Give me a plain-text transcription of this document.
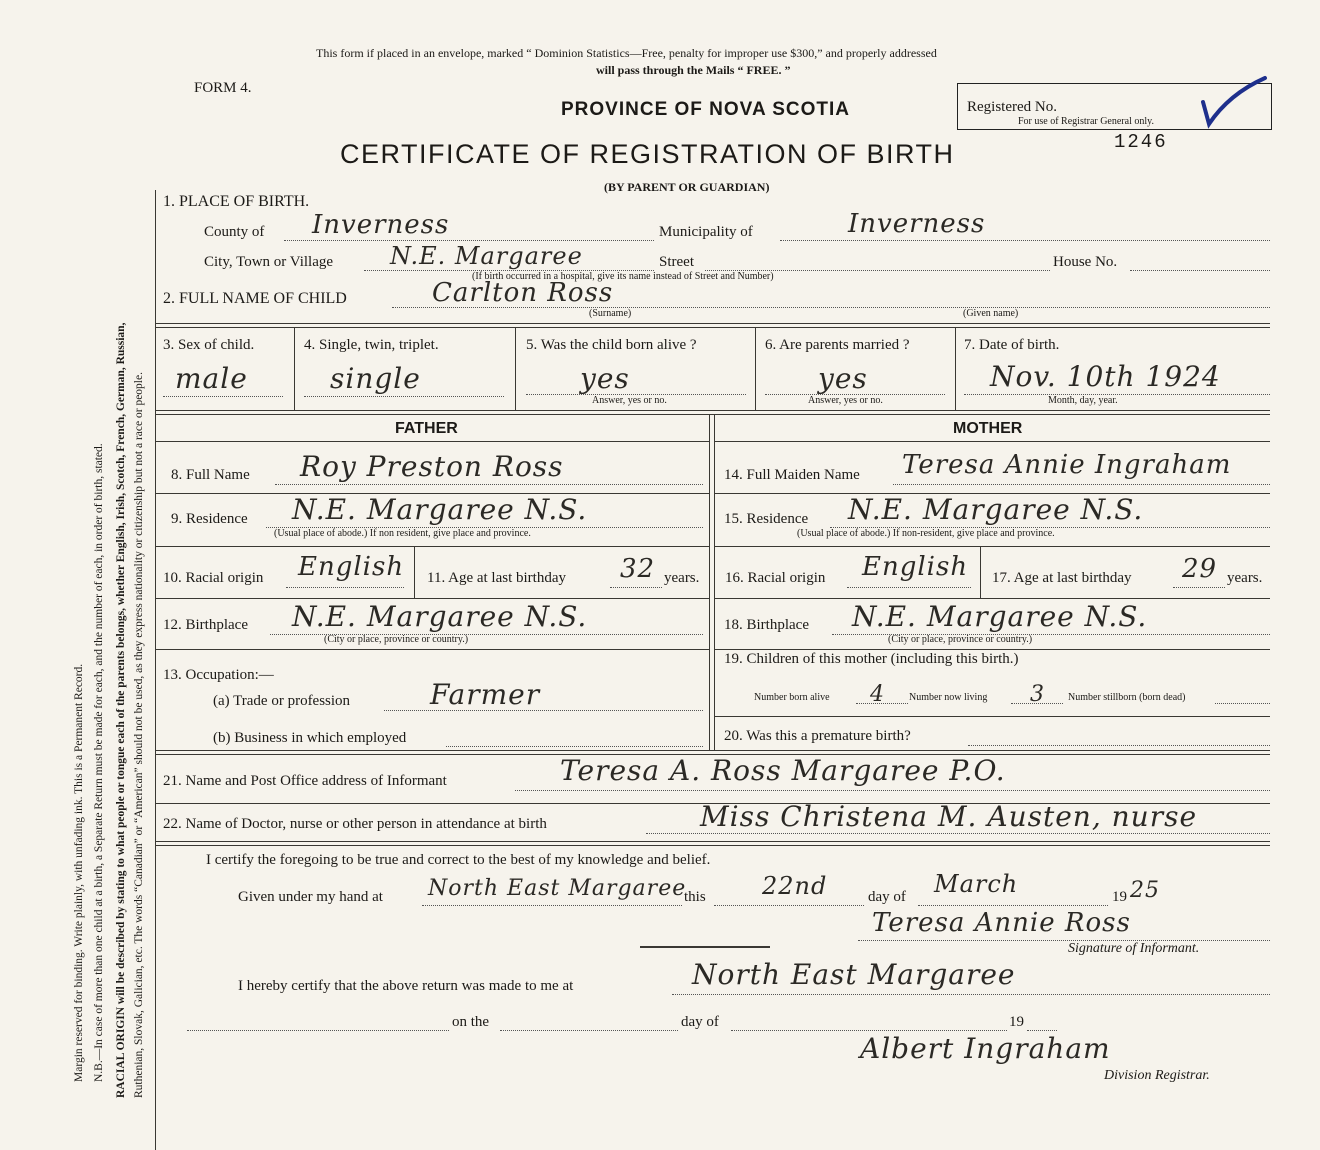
Margin reserved for binding. Write plainly, with unfading ink. This is a Permanent Record. N.B.—In case of more than one child at a birth, a Separate Return must be made for each, and the number of each, in order of birth, stated. RACIAL ORIGIN will be described by stating to what people or tongue each of the parents belongs, whether English, Irish, Scotch, French, German, Russian, Ruthenian, Slovak, Galician, etc. The words “Canadian” or “American” should not be used, as they express nationality or citizenship but not a race or people.
This form if placed in an envelope, marked “ Dominion Statistics—Free, penalty for improper use $300,” and properly addressed
will pass through the Mails “ FREE. ”
FORM 4.
PROVINCE OF NOVA SCOTIA
CERTIFICATE OF REGISTRATION OF BIRTH
(BY PARENT OR GUARDIAN)
Registered No.
For use of Registrar General only.
1246
1. PLACE OF BIRTH.
County of Inverness	Municipality of	Inverness
City, Town or Village N.E. Margaree	Street	House No.
(If birth occurred in a hospital, give its name instead of Street and Number)
2. FULL NAME OF CHILD	Carlton Ross
(Surname)	(Given name)
3. Sex of child.
male
4. Single, twin, triplet.
single
5. Was the child born alive ?
yes
Answer, yes or no.
6. Are parents married ?
yes
Answer, yes or no.
7. Date of birth.
Nov. 10th 1924
Month, day, year.
FATHER	MOTHER
8. Full Name Roy Preston Ross	14. Full Maiden Name Teresa Annie Ingraham
9. Residence N.E. Margaree N.S.
(Usual place of abode.) If non resident, give place and province.
15. Residence N.E. Margaree N.S.
(Usual place of abode.) If non-resident, give place and province.
10. Racial origin English 11. Age at last birthday 32 years. 16. Racial origin English 17. Age at last birthday 29 years.
12. Birthplace N.E. Margaree N.S.
(City or place, province or country.)
18. Birthplace N.E. Margaree N.S.
(City or place, province or country.)
13. Occupation:—
(a) Trade or profession	Farmer
(b) Business in which employed
19. Children of this mother (including this birth.)
Number born alive 4 Number now living 3 Number stillborn (born dead)
20. Was this a premature birth?
21. Name and Post Office address of Informant	Teresa A. Ross Margaree P.O.
22. Name of Doctor, nurse or other person in attendance at birth	Miss Christena M. Austen, nurse
I certify the foregoing to be true and correct to the best of my knowledge and belief.
Given under my hand at North East Margaree
this 22nd	day of March	19 25
Teresa Annie Ross
Signature of Informant.
I hereby certify that the above return was made to me at	North East Margaree
on the	day of	19
Albert Ingraham
Division Registrar.
